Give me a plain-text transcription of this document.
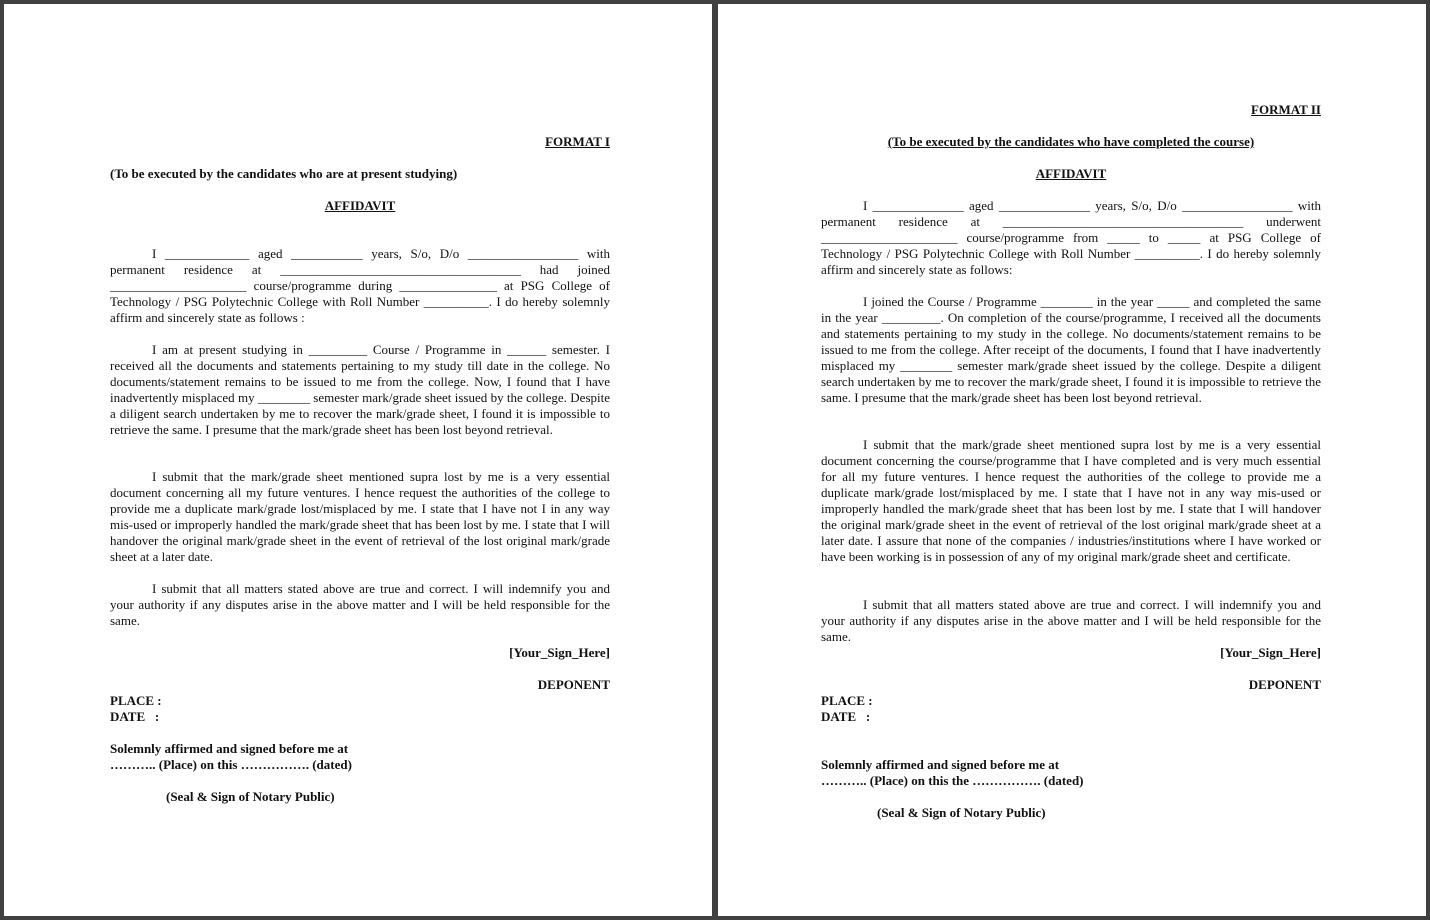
FORMAT I
(To be executed by the candidates who are at present studying)
AFFIDAVIT
I _____________ aged ___________ years, S/o, D/o _________________ with permanent residence at _____________________________________ had joined _____________________ course/programme during _______________ at PSG College of Technology / PSG Polytechnic College with Roll Number __________. I do hereby solemnly affirm and sincerely state as follows :
I am at present studying in _________ Course / Programme in ______ semester. I received all the documents and statements pertaining to my study till date in the college. No documents/statement remains to be issued to me from the college. Now, I found that I have inadvertently misplaced my ________ semester mark/grade sheet issued by the college. Despite a diligent search undertaken by me to recover the mark/grade sheet, I found it is impossible to retrieve the same. I presume that the mark/grade sheet has been lost beyond retrieval.
I submit that the mark/grade sheet mentioned supra lost by me is a very essential document concerning all my future ventures. I hence request the authorities of the college to provide me a duplicate mark/grade lost/misplaced by me. I state that I have not I in any way mis-used or improperly handled the mark/grade sheet that has been lost by me. I state that I will handover the original mark/grade sheet in the event of retrieval of the lost original mark/grade sheet at a later date.
I submit that all matters stated above are true and correct. I will indemnify you and your authority if any disputes arise in the above matter and I will be held responsible for the same.
[Your_Sign_Here]
DEPONENT
PLACE :
DATE   :
Solemnly affirmed and signed before me at
……….. (Place) on this ……………. (dated)
(Seal & Sign of Notary Public)
FORMAT II
(To be executed by the candidates who have completed the course)
AFFIDAVIT
I ______________ aged ______________ years, S/o, D/o _________________ with permanent residence at _____________________________________ underwent _____________________ course/programme from _____ to _____ at PSG College of Technology / PSG Polytechnic College with Roll Number __________. I do hereby solemnly affirm and sincerely state as follows:
I joined the Course / Programme ________ in the year _____ and completed the same in the year _________. On completion of the course/programme, I received all the documents and statements pertaining to my study in the college. No documents/statement remains to be issued to me from the college. After receipt of the documents, I found that I have inadvertently misplaced my ________ semester mark/grade sheet issued by the college. Despite a diligent search undertaken by me to recover the mark/grade sheet, I found it is impossible to retrieve the same. I presume that the mark/grade sheet has been lost beyond retrieval.
I submit that the mark/grade sheet mentioned supra lost by me is a very essential document concerning the course/programme that I have completed and is very much essential for all my future ventures. I hence request the authorities of the college to provide me a duplicate mark/grade lost/misplaced by me. I state that I have not in any way mis-used or improperly handled the mark/grade sheet that has been lost by me. I state that I will handover the original mark/grade sheet in the event of retrieval of the lost original mark/grade sheet at a later date. I assure that none of the companies / industries/institutions where I have worked or have been working is in possession of any of my original mark/grade sheet and certificate.
I submit that all matters stated above are true and correct. I will indemnify you and your authority if any disputes arise in the above matter and I will be held responsible for the same.
[Your_Sign_Here]
DEPONENT
PLACE :
DATE   :
Solemnly affirmed and signed before me at
……….. (Place) on this the ……………. (dated)
(Seal & Sign of Notary Public)
